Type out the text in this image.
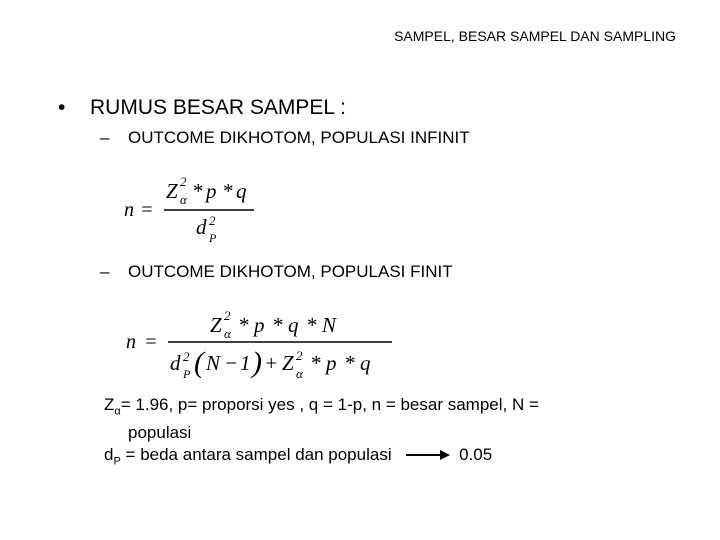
SAMPEL, BESAR SAMPEL DAN SAMPLING
• RUMUS BESAR SAMPEL :
– OUTCOME DIKHOTOM, POPULASI INFINIT
n =
Z 2
α * p * q
d 2
P
– OUTCOME DIKHOTOM, POPULASI FINIT
n =
Z 2
α * p * q * N
d 2
P ( N − 1 ) + Z 2
α * p * q
$Z_\alpha= 1.96$, p= proporsi yes , q = 1-p, n = besar sampel, N =
populasi
$d_P$ = beda antara sampel dan populasi	0.05
